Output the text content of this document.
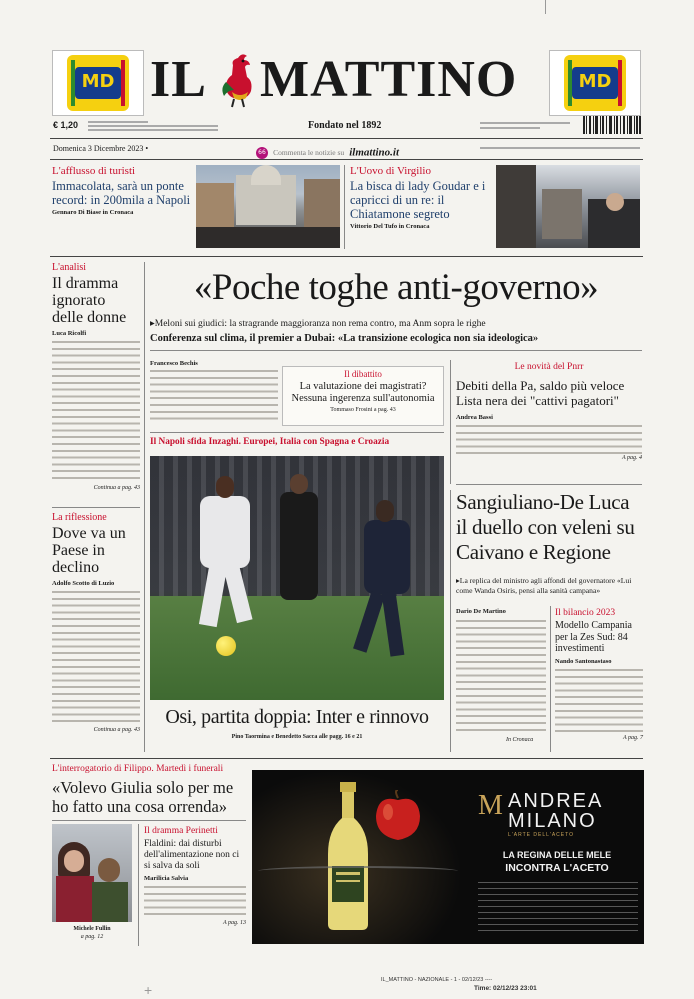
+
MD	MD
IL MATTINO
€ 1,20	Fondato nel 1892
Domenica 3 Dicembre 2023 •	66 Commenta le notizie su ilmattino.it
L'afflusso di turisti
Immacolata, sarà un ponte record: in 200mila a Napoli
Gennaro Di Biase in Cronaca
L'Uovo di Virgilio
La bisca di lady Goudar e i capricci di un re: il Chiatamone segreto
Vittorio Del Tufo in Cronaca
L'analisi
Il dramma ignorato delle donne
Luca Ricolfi
Continua a pag. 43
La riflessione
Dove va un Paese in declino
Adolfo Scotto di Luzio
Continua a pag. 43
«Poche toghe anti-governo»
▸Meloni sui giudici: la stragrande maggioranza non rema contro, ma Anm sopra le righe
Conferenza sul clima, il premier a Dubai: «La transizione ecologica non sia ideologica»
Francesco Bechis
Il dibattito
La valutazione dei magistrati? Nessuna ingerenza sull'autonomia
Tommaso Frosini a pag. 43
Le novità del Pnrr
Debiti della Pa, saldo più veloce Lista nera dei "cattivi pagatori"
Andrea Bassi
A pag. 4
Il Napoli sfida Inzaghi. Europei, Italia con Spagna e Croazia
Osi, partita doppia: Inter e rinnovo
Pino Taormina e Benedetto Sacca alle pagg. 16 e 21
Sangiuliano-De Luca il duello con veleni su Caivano e Regione
▸La replica del ministro agli affondi del governatore «Lui come Wanda Osiris, pensi alla sanità campana»
Dario De Martino
In Cronaca
Il bilancio 2023
Modello Campania per la Zes Sud: 84 investimenti
Nando Santonastaso
A pag. 7
L'interrogatorio di Filippo. Martedì i funerali
«Volevo Giulia solo per me ho fatto una cosa orrenda»
Michele Fullin
a pag. 12
Il dramma Perinetti
Flaldini: dai disturbi dell'alimentazione non ci si salva da soli
Marilicia Salvia
A pag. 13
M ANDREA
MILANO
L'ARTE DELL'ACETO
LA REGINA DELLE MELE
INCONTRA L'ACETO
IL_MATTINO - NAZIONALE - 1 - 02/12/23 ----
Time: 02/12/23 23:01
